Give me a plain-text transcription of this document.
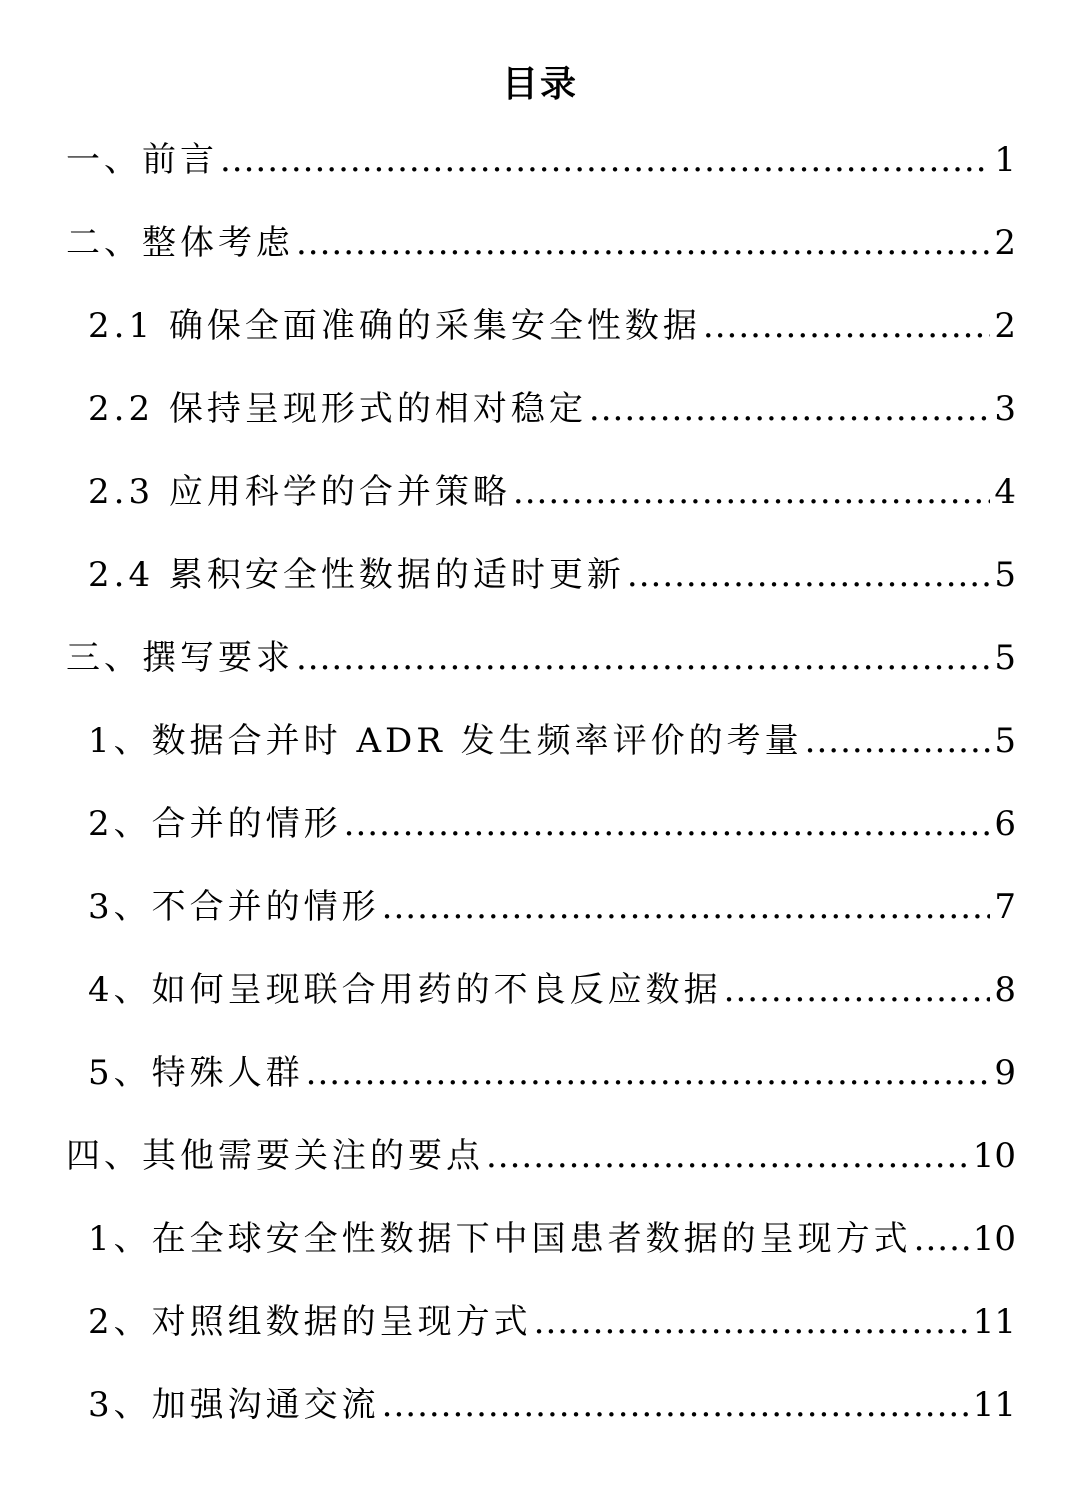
目录
一、前言 .....	1
二、整体考虑 .....	2
2.1 确保全面准确的采集安全性数据 .....	2
2.2 保持呈现形式的相对稳定 .....	3
2.3 应用科学的合并策略 .....	4
2.4 累积安全性数据的适时更新 .....	5
三、撰写要求 .....	5
1、数据合并时 ADR 发生频率评价的考量 .....	5
2、合并的情形 .....	6
3、不合并的情形 .....	7
4、如何呈现联合用药的不良反应数据 .....	8
5、特殊人群 .....	9
四、其他需要关注的要点 .....	10
1、在全球安全性数据下中国患者数据的呈现方式 ..... 10
2、对照组数据的呈现方式 .....	11
3、加强沟通交流 .....	11
